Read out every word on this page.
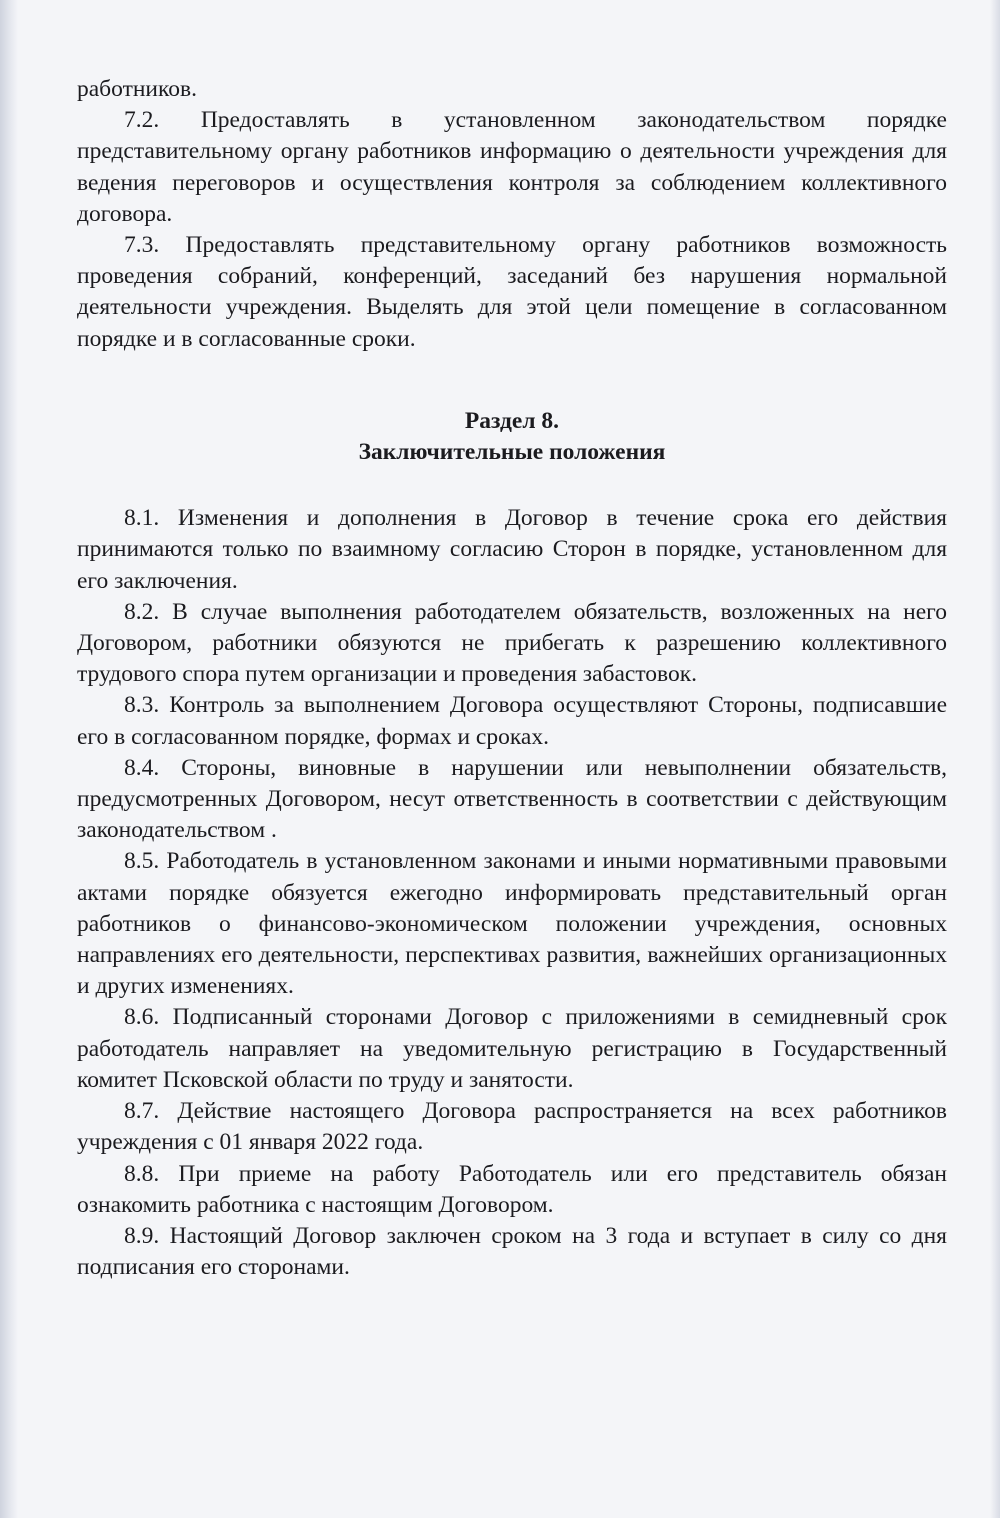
работников.

7.2. Предоставлять в установленном законодательством порядке представительному органу работников информацию о деятельности учреждения для ведения переговоров и осуществления контроля за соблюдением коллективного договора.

7.3. Предоставлять представительному органу работников возможность проведения собраний, конференций, заседаний без нарушения нормальной деятельности учреждения. Выделять для этой цели помещение в согласованном порядке и в согласованные сроки.

Раздел 8.

Заключительные положения

8.1. Изменения и дополнения в Договор в течение срока его действия принимаются только по взаимному согласию Сторон в порядке, установленном для его заключения.

8.2. В случае выполнения работодателем обязательств, возложенных на него Договором, работники обязуются не прибегать к разрешению коллективного трудового спора путем организации и проведения забастовок.

8.3. Контроль за выполнением Договора осуществляют Стороны, подписавшие его в согласованном порядке, формах и сроках.

8.4. Стороны, виновные в нарушении или невыполнении обязательств, предусмотренных Договором, несут ответственность в соответствии с действующим законодательством .

8.5. Работодатель в установленном законами и иными нормативными правовыми актами порядке обязуется ежегодно информировать представительный орган работников о финансово-экономическом положении учреждения, основных направлениях его деятельности, перспективах развития, важнейших организационных и других изменениях.

8.6. Подписанный сторонами Договор с приложениями в семидневный срок работодатель направляет на уведомительную регистрацию в Государственный комитет Псковской области по труду и занятости.

8.7. Действие настоящего Договора распространяется на всех работников учреждения с 01 января 2022 года.

8.8. При приеме на работу Работодатель или его представитель обязан ознакомить работника с настоящим Договором.

8.9. Настоящий Договор заключен сроком на 3 года и вступает в силу со дня подписания его сторонами.
